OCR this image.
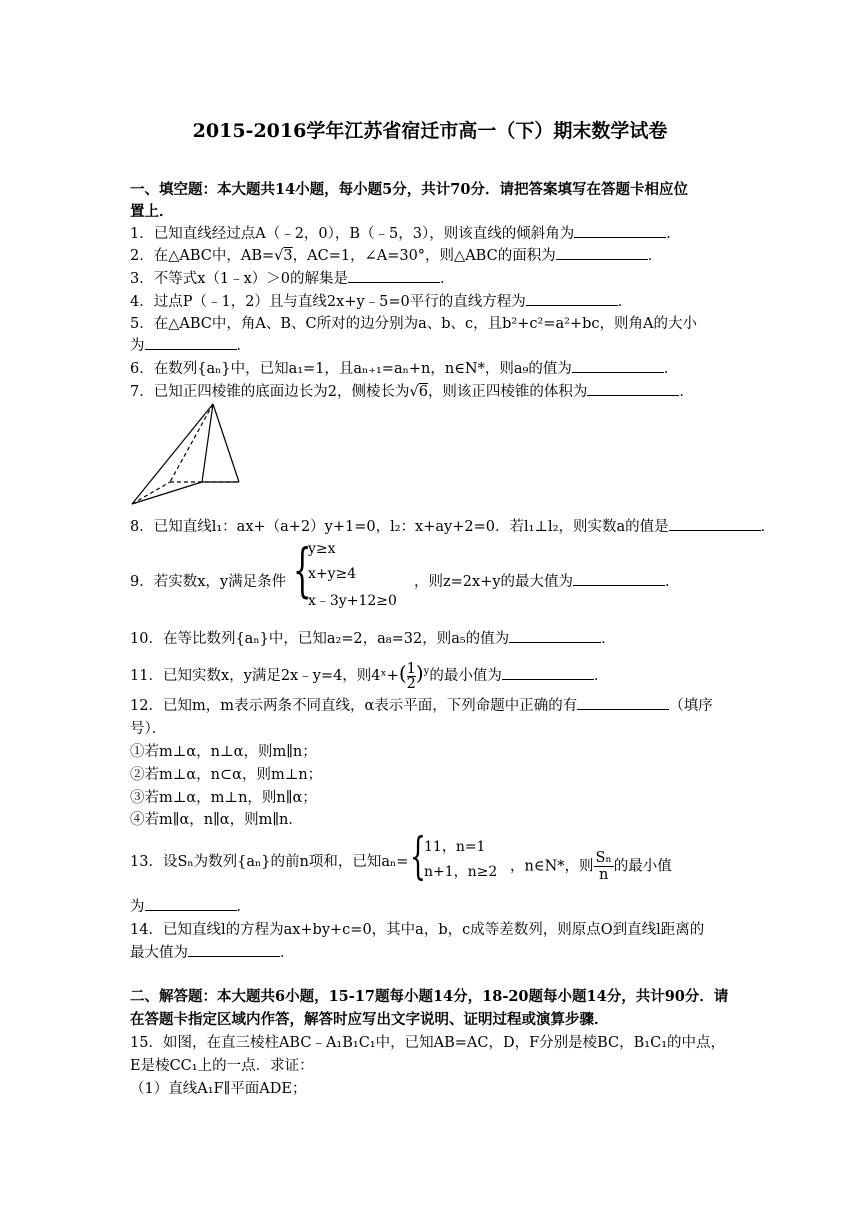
2015-2016学年江苏省宿迁市高一（下）期末数学试卷
一、填空题：本大题共14小题，每小题5分，共计70分．请把答案填写在答题卡相应位
置上．
1．已知直线经过点A（﹣2，0），B（﹣5，3），则该直线的倾斜角为	．
2．在△ABC中，AB=√3，AC=1，∠A=30°，则△ABC的面积为	．
3．不等式x（1﹣x）＞0的解集是	．
4．过点P（﹣1，2）且与直线2x+y﹣5=0平行的直线方程为	．
5．在△ABC中，角A、B、C所对的边分别为a、b、c，且b²+c²=a²+bc，则角A的大小
为	．
6．在数列{aₙ}中，已知a₁=1，且aₙ₊₁=aₙ+n，n∈N*，则a₉的值为	．
7．已知正四棱锥的底面边长为2，侧棱长为√6，则该正四棱锥的体积为	．
8．已知直线l₁：ax+（a+2）y+1=0，l₂：x+ay+2=0．若l₁⊥l₂，则实数a的值是	．
9．若实数x，y满足条件 {
y≥x
x+y≥4
x﹣3y+12≥0
，则z=2x+y的最大值为	．
10．在等比数列{aₙ}中，已知a₂=2，a₈=32，则a₅的值为	．
11．已知实数x，y满足2x﹣y=4，则4ˣ+( $\frac{1}{2} )^y$的最小值为	．
12．已知m，m表示两条不同直线，α表示平面，下列命题中正确的有	（填序
号）．
①若m⊥α，n⊥α，则m∥n；
②若m⊥α，n⊂α，则m⊥n；
③若m⊥α，m⊥n，则n∥α；
④若m∥α，n∥α，则m∥n．
13．设Sₙ为数列{aₙ}的前n项和，已知aₙ= {
11，n=1
n+1，n≥2 ，n∈N*，则 $\frac{\text{Sₙ}}{n}$ 的最小值
为	．
14．已知直线l的方程为ax+by+c=0，其中a，b，c成等差数列，则原点O到直线l距离的
最大值为	．
二、解答题：本大题共6小题，15-17题每小题14分，18-20题每小题14分，共计90分．请
在答题卡指定区域内作答，解答时应写出文字说明、证明过程或演算步骤．
15．如图，在直三棱柱ABC﹣A₁B₁C₁中，已知AB=AC，D，F分别是棱BC，B₁C₁的中点，
E是棱CC₁上的一点．求证：
（1）直线A₁F∥平面ADE；
